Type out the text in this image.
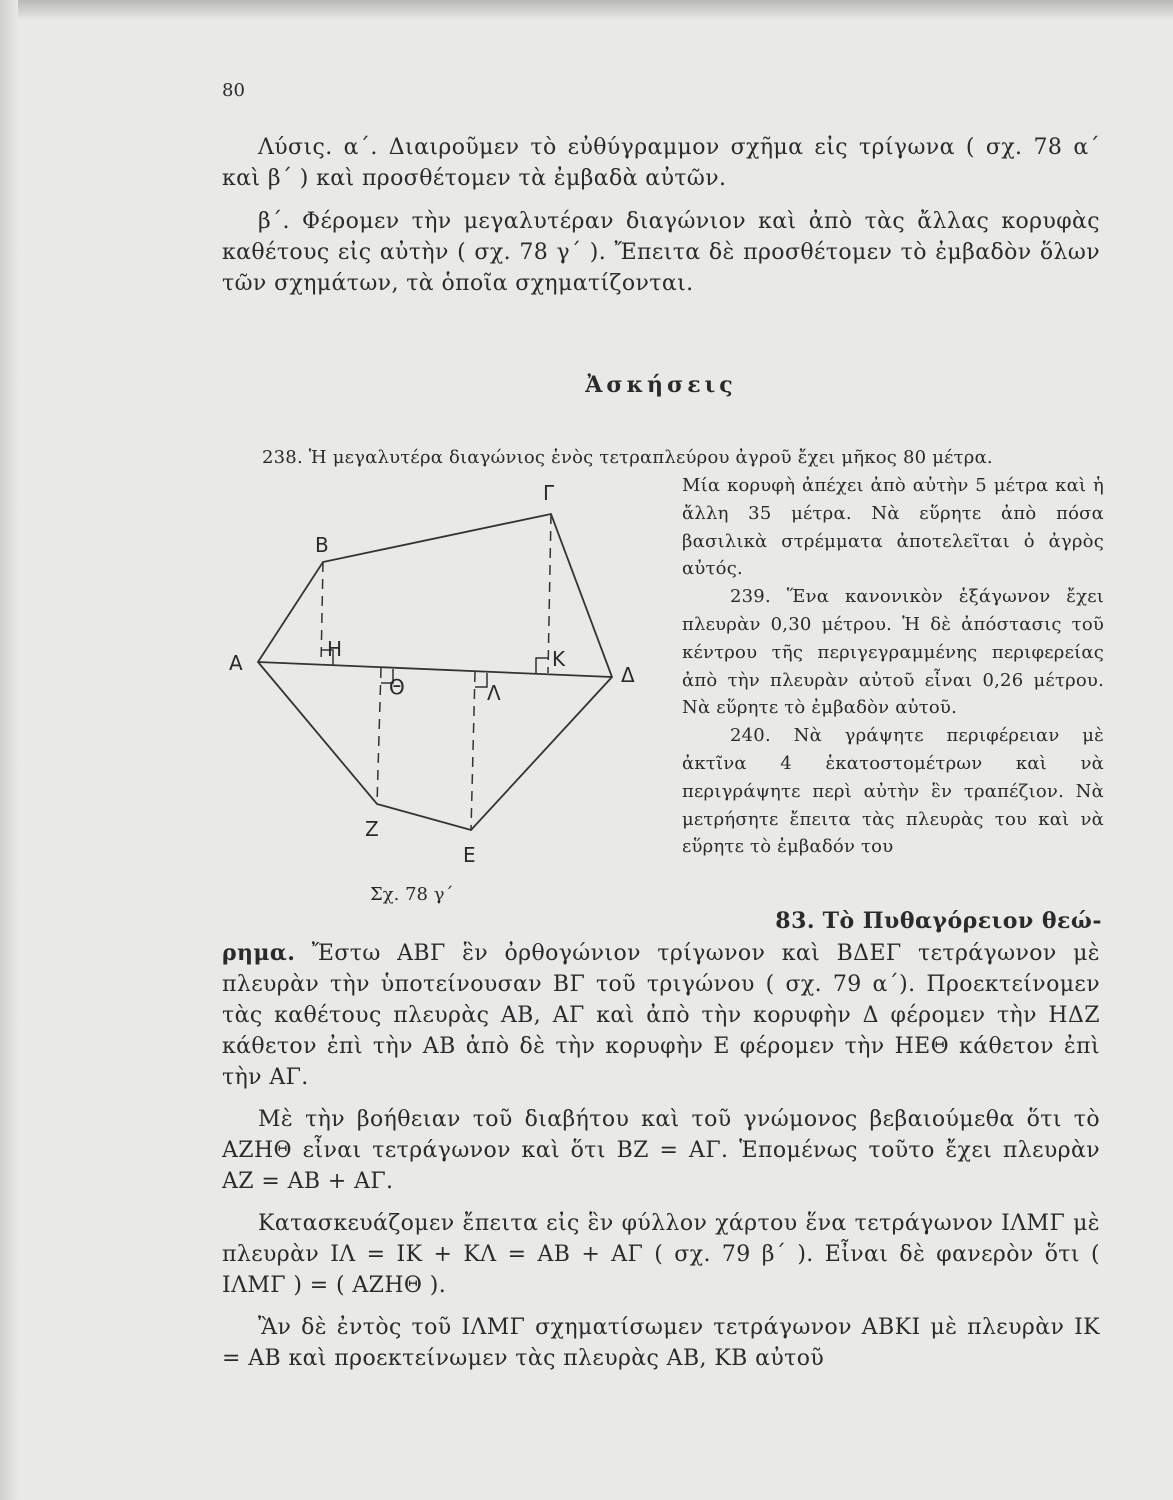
80
Λύσις. α΄. Διαιροῦμεν τὸ εὐθύγραμμον σχῆμα εἰς τρίγωνα ( σχ. 78 α΄ καὶ β΄ ) καὶ προσθέτομεν τὰ ἐμβαδὰ αὐτῶν.
β΄. Φέρομεν τὴν μεγαλυτέραν διαγώνιον καὶ ἀπὸ τὰς ἄλλας κορυφὰς καθέτους εἰς αὐτὴν ( σχ. 78 γ΄ ). Ἔπειτα δὲ προσθέτομεν τὸ ἐμβαδὸν ὅλων τῶν σχημάτων, τὰ ὁποῖα σχηματίζονται.
Ἀσκήσεις
238. Ἡ μεγαλυτέρα διαγώνιος ἑνὸς τετραπλεύρου ἀγροῦ ἔχει μῆκος 80 μέτρα.
Μία κορυφὴ ἀπέχει ἀπὸ αὐτὴν 5 μέτρα καὶ ἡ ἄλλη 35 μέτρα. Νὰ εὕρητε ἀπὸ πόσα βασιλικὰ στρέμματα ἀποτελεῖται ὁ ἀγρὸς αὐτός.
239. Ἕνα κανονικὸν ἑξάγωνον ἔχει πλευρὰν 0,30 μέτρου. Ἡ δὲ ἀπόστασις τοῦ κέντρου τῆς περιγεγραμμένης περιφερείας ἀπὸ τὴν πλευρὰν αὐτοῦ εἶναι 0,26 μέτρου. Νὰ εὕρητε τὸ ἐμβαδὸν αὐτοῦ.
240. Νὰ γράψητε περιφέρειαν μὲ ἀκτῖνα 4 ἑκατοστομέτρων καὶ νὰ περιγράψητε περὶ αὐτὴν ἓν τραπέζιον. Νὰ μετρήσητε ἔπειτα τὰς πλευρὰς του καὶ νὰ εὕρητε τὸ ἐμβαδόν του
Α
Β
Γ
Δ
Ε
Ζ
Η
Θ
Κ
Λ
Σχ. 78 γ΄
83. Τὸ Πυθαγόρειον θεώ-
ρημα. Ἔστω ΑΒΓ ἓν ὀρθογώνιον τρίγωνον καὶ ΒΔΕΓ τετράγωνον μὲ πλευρὰν τὴν ὑποτείνουσαν ΒΓ τοῦ τριγώνου ( σχ. 79 α΄). Προεκτείνομεν τὰς καθέτους πλευρὰς ΑΒ, ΑΓ καὶ ἀπὸ τὴν κορυφὴν Δ φέρομεν τὴν ΗΔΖ κάθετον ἐπὶ τὴν ΑΒ ἀπὸ δὲ τὴν κορυφὴν Ε φέρομεν τὴν ΗΕΘ κάθετον ἐπὶ τὴν ΑΓ.
Μὲ τὴν βοήθειαν τοῦ διαβήτου καὶ τοῦ γνώμονος βεβαιούμεθα ὅτι τὸ ΑΖΗΘ εἶναι τετράγωνον καὶ ὅτι ΒΖ = ΑΓ. Ἑπομένως τοῦτο ἔχει πλευρὰν ΑΖ = ΑΒ + ΑΓ.
Κατασκευάζομεν ἔπειτα εἰς ἓν φύλλον χάρτου ἕνα τετράγωνον ΙΛΜΓ μὲ πλευρὰν ΙΛ = ΙΚ + ΚΛ = ΑΒ + ΑΓ ( σχ. 79 β΄ ). Εἶναι δὲ φανερὸν ὅτι ( ΙΛΜΓ ) = ( ΑΖΗΘ ).
Ἂν δὲ ἐντὸς τοῦ ΙΛΜΓ σχηματίσωμεν τετράγωνον ΑΒΚΙ μὲ πλευρὰν ΙΚ = ΑΒ καὶ προεκτείνωμεν τὰς πλευρὰς ΑΒ, ΚΒ αὐτοῦ
